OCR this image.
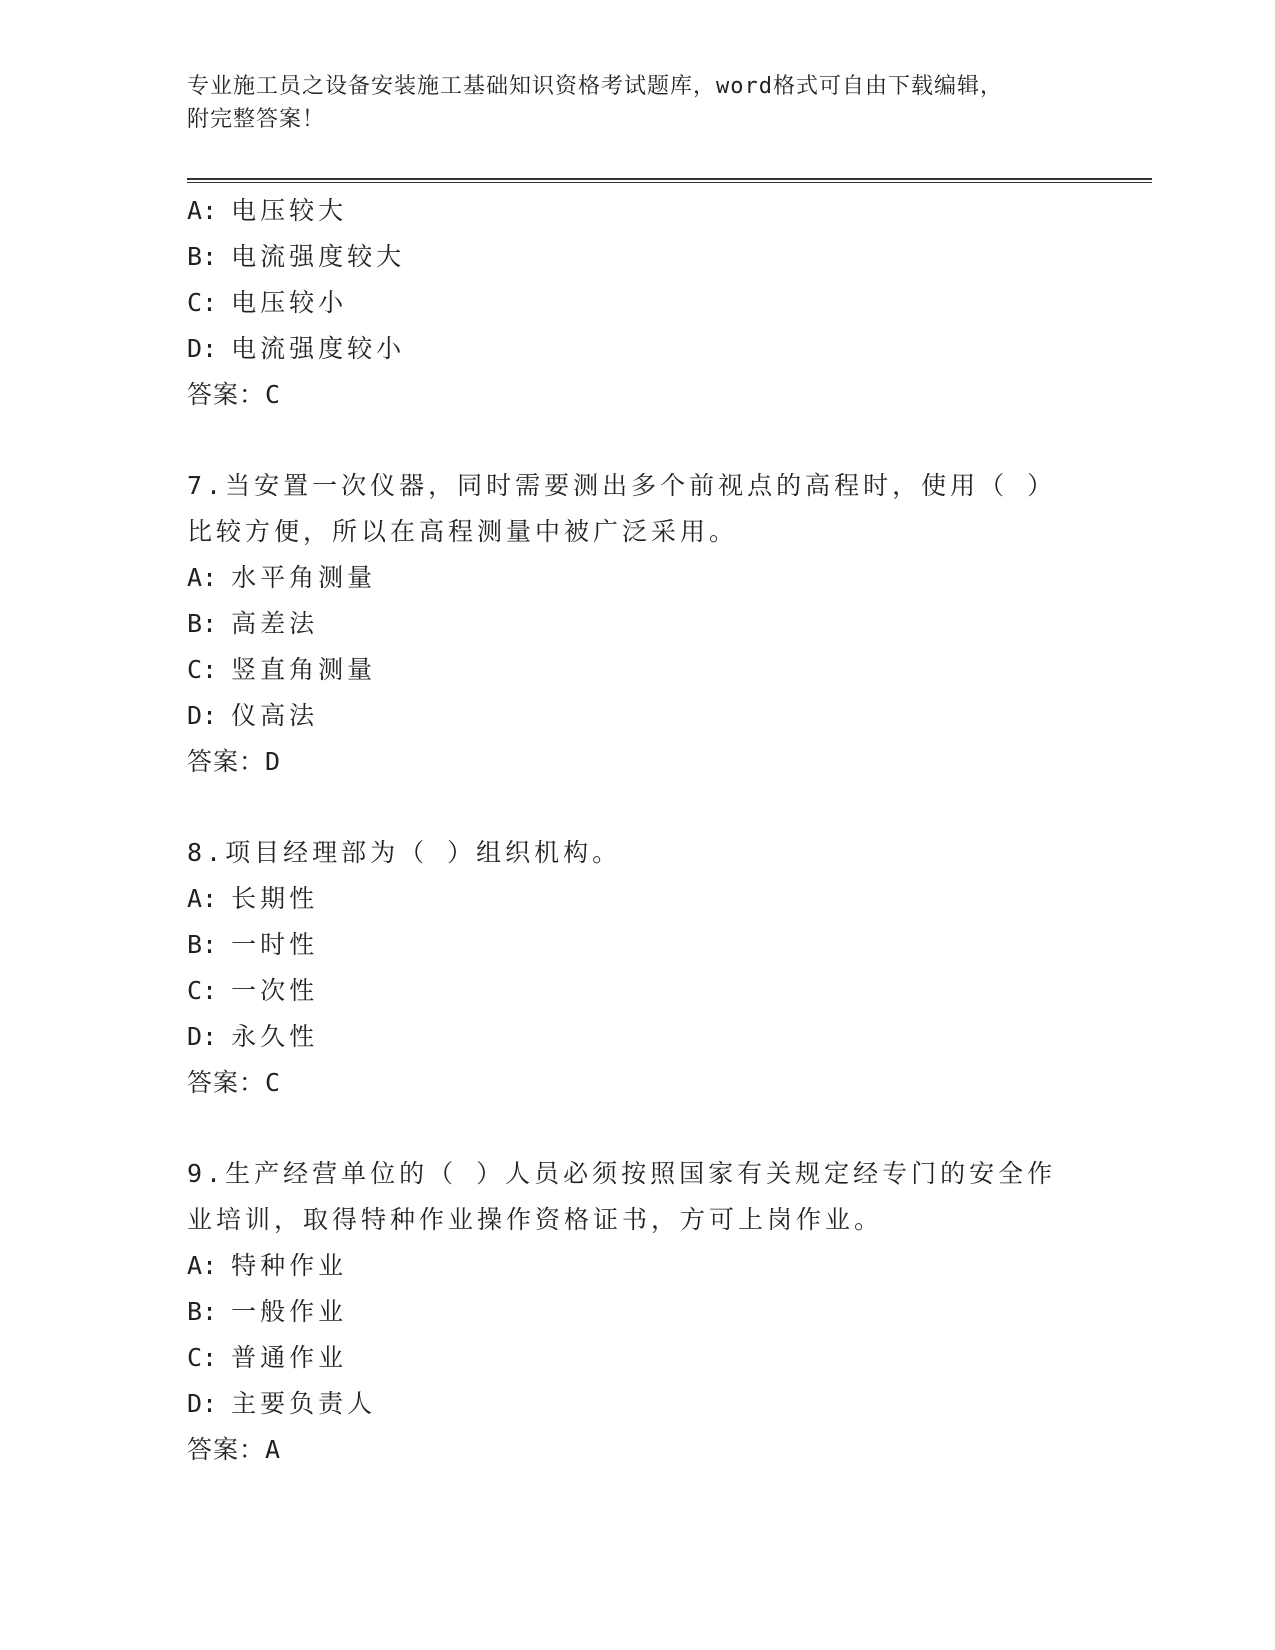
专业施工员之设备安装施工基础知识资格考试题库，word格式可自由下载编辑，
附完整答案！
A: 电压较大
B: 电流强度较大
C: 电压较小
D: 电流强度较小
答案：C
7.当安置一次仪器，同时需要测出多个前视点的高程时，使用（ ）比较方便，所以在高程测量中被广泛采用。
A: 水平角测量
B: 高差法
C: 竖直角测量
D: 仪高法
答案：D
8.项目经理部为（ ）组织机构。
A: 长期性
B: 一时性
C: 一次性
D: 永久性
答案：C
9.生产经营单位的（ ）人员必须按照国家有关规定经专门的安全作业培训，取得特种作业操作资格证书，方可上岗作业。
A: 特种作业
B: 一般作业
C: 普通作业
D: 主要负责人
答案：A
